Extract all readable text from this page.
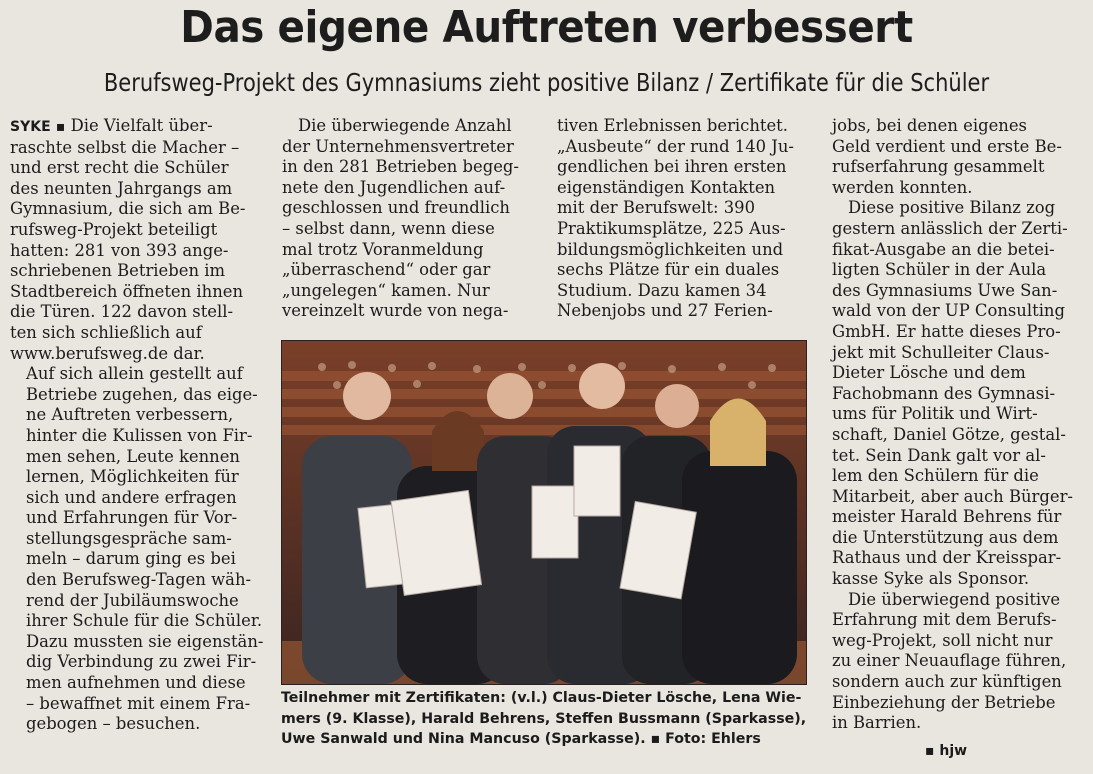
Das eigene Auftreten verbessert
Berufsweg-Projekt des Gymnasiums zieht positive Bilanz / Zertifikate für die Schüler

SYKE ▪ Die Vielfalt über-
raschte selbst die Macher –
und erst recht die Schüler
des neunten Jahrgangs am
Gymnasium, die sich am Be-
rufsweg-Projekt beteiligt
hatten: 281 von 393 ange-
schriebenen Betrieben im
Stadtbereich öffneten ihnen
die Türen. 122 davon stell-
ten sich schließlich auf
www.berufsweg.de dar.

Auf sich allein gestellt auf
Betriebe zugehen, das eige-
ne Auftreten verbessern,
hinter die Kulissen von Fir-
men sehen, Leute kennen
lernen, Möglichkeiten für
sich und andere erfragen
und Erfahrungen für Vor-
stellungsgespräche sam-
meln – darum ging es bei
den Berufsweg-Tagen wäh-
rend der Jubiläumswoche
ihrer Schule für die Schüler.
Dazu mussten sie eigenstän-
dig Verbindung zu zwei Fir-
men aufnehmen und diese
– bewaffnet mit einem Fra-
gebogen – besuchen.

Die überwiegende Anzahl
der Unternehmensvertreter
in den 281 Betrieben begeg-
nete den Jugendlichen auf-
geschlossen und freundlich
– selbst dann, wenn diese
mal trotz Voranmeldung
„überraschend“ oder gar
„ungelegen“ kamen. Nur
vereinzelt wurde von nega-

tiven Erlebnissen berichtet.
„Ausbeute“ der rund 140 Ju-
gendlichen bei ihren ersten
eigenständigen Kontakten
mit der Berufswelt: 390
Praktikumsplätze, 225 Aus-
bildungsmöglichkeiten und
sechs Plätze für ein duales
Studium. Dazu kamen 34
Nebenjobs und 27 Ferien-

jobs, bei denen eigenes
Geld verdient und erste Be-
rufserfahrung gesammelt
werden konnten.

Diese positive Bilanz zog
gestern anlässlich der Zerti-
fikat-Ausgabe an die betei-
ligten Schüler in der Aula
des Gymnasiums Uwe San-
wald von der UP Consulting
GmbH. Er hatte dieses Pro-
jekt mit Schulleiter Claus-
Dieter Lösche und dem
Fachobmann des Gymnasi-
ums für Politik und Wirt-
schaft, Daniel Götze, gestal-
tet. Sein Dank galt vor al-
lem den Schülern für die
Mitarbeit, aber auch Bürger-
meister Harald Behrens für
die Unterstützung aus dem
Rathaus und der Kreisspar-
kasse Syke als Sponsor.

Die überwiegend positive
Erfahrung mit dem Berufs-
weg-Projekt, soll nicht nur
zu einer Neuauflage führen,
sondern auch zur künftigen
Einbeziehung der Betriebe
in Barrien.

▪ hjw
Teilnehmer mit Zertifikaten: (v.l.) Claus-Dieter Lösche, Lena Wie-
mers (9. Klasse), Harald Behrens, Steffen Bussmann (Sparkasse),
Uwe Sanwald und Nina Mancuso (Sparkasse). ▪ Foto: Ehlers
